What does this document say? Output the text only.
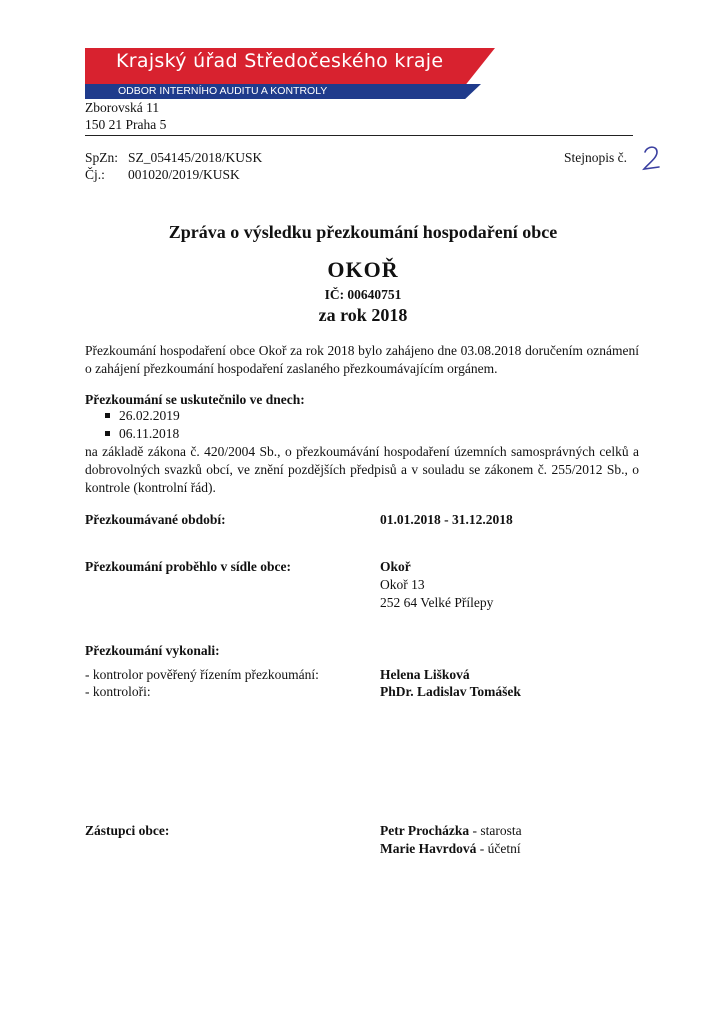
Krajský úřad Středočeského kraje
ODBOR INTERNÍHO AUDITU A KONTROLY
Zborovská 11
150 21 Praha 5
SpZn: SZ_054145/2018/KUSK
Čj.: 001020/2019/KUSK
Stejnopis č.
Zpráva o výsledku přezkoumání hospodaření obce
OKOŘ
IČ: 00640751
za rok 2018
Přezkoumání hospodaření obce Okoř za rok 2018 bylo zahájeno dne 03.08.2018 doručením oznámení o zahájení přezkoumání hospodaření zaslaného přezkoumávajícím orgánem.
Přezkoumání se uskutečnilo ve dnech:
26.02.2019
06.11.2018
na základě zákona č. 420/2004 Sb., o přezkoumávání hospodaření územních samosprávných celků a dobrovolných svazků obcí, ve znění pozdějších předpisů a v souladu se zákonem č. 255/2012 Sb., o kontrole (kontrolní řád).
Přezkoumávané období:	01.01.2018 - 31.12.2018
Přezkoumání proběhlo v sídle obce:	Okoř
Okoř 13
252 64 Velké Přílepy
Přezkoumání vykonali:
- kontrolor pověřený řízením přezkoumání:	Helena Lišková
- kontroloři:	PhDr. Ladislav Tomášek
Zástupci obce:	Petr Procházka - starosta
Marie Havrdová - účetní
